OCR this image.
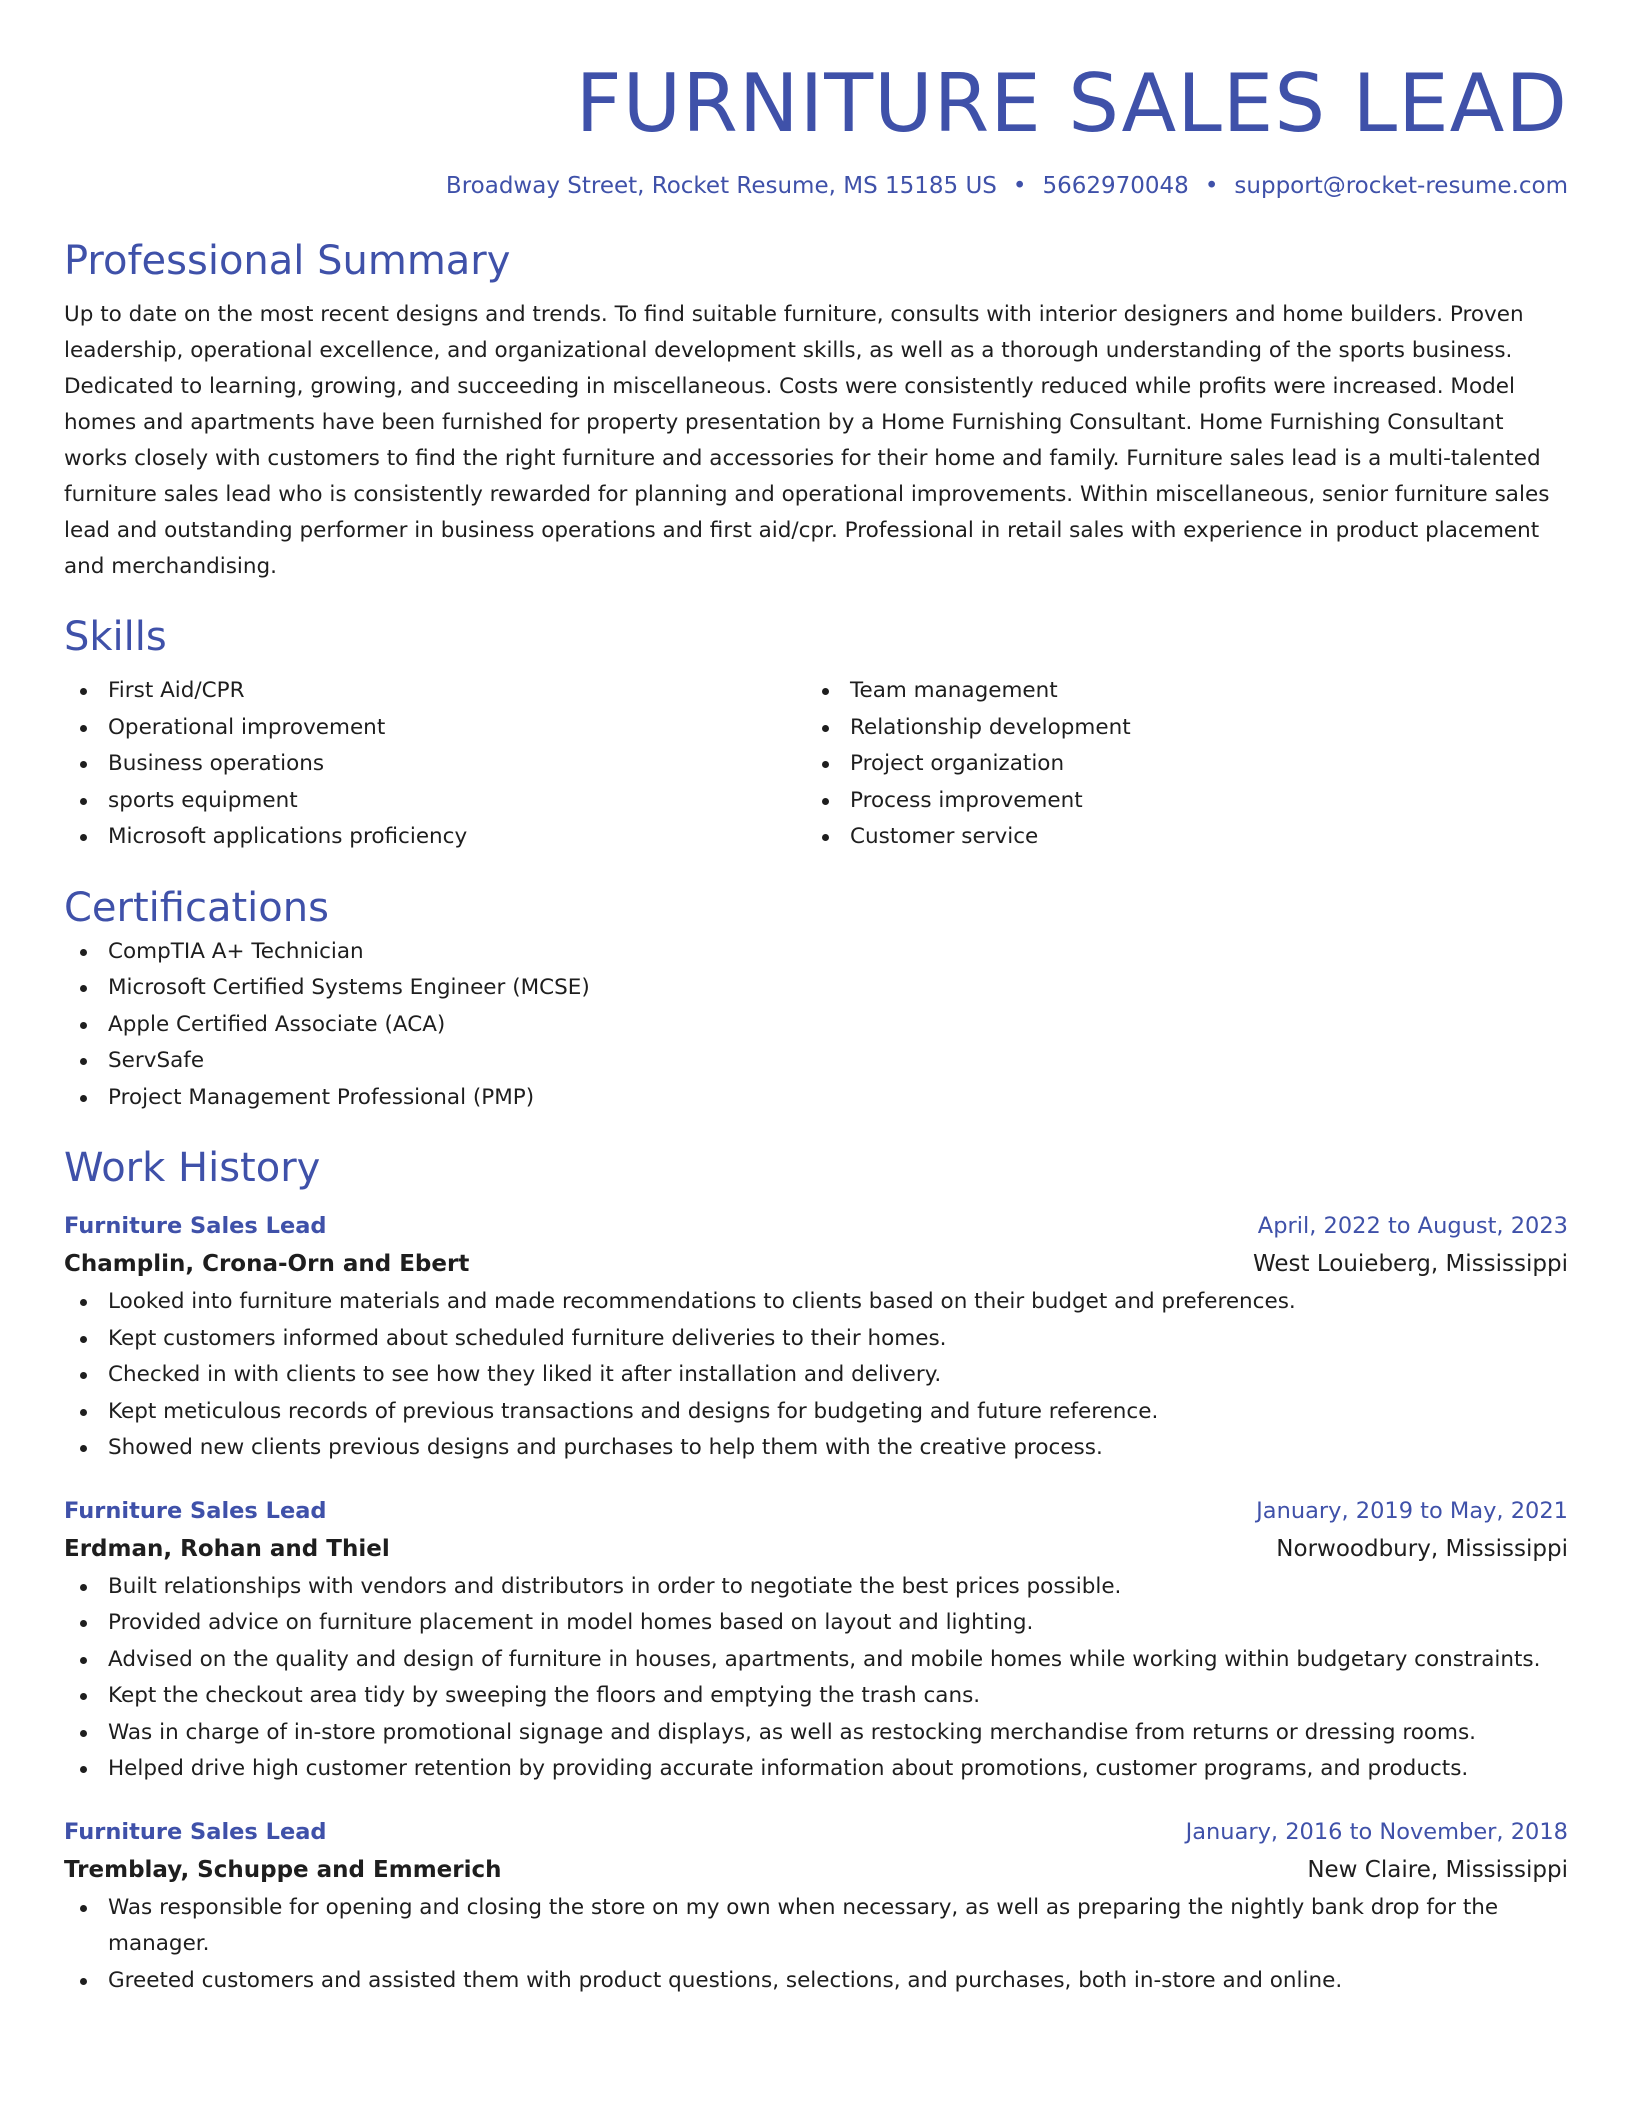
FURNITURE SALES LEAD
Broadway Street, Rocket Resume, MS 15185 US • 5662970048 • support@rocket-resume.com
Professional Summary
Up to date on the most recent designs and trends. To find suitable furniture, consults with interior designers and home builders. Proven leadership, operational excellence, and organizational development skills, as well as a thorough understanding of the sports business. Dedicated to learning, growing, and succeeding in miscellaneous. Costs were consistently reduced while profits were increased. Model homes and apartments have been furnished for property presentation by a Home Furnishing Consultant. Home Furnishing Consultant works closely with customers to find the right furniture and accessories for their home and family. Furniture sales lead is a multi-talented furniture sales lead who is consistently rewarded for planning and operational improvements. Within miscellaneous, senior furniture sales lead and outstanding performer in business operations and first aid/cpr. Professional in retail sales with experience in product placement and merchandising.
Skills
First Aid/CPR
Operational improvement
Business operations
sports equipment
Microsoft applications proficiency
Team management
Relationship development
Project organization
Process improvement
Customer service
Certifications
CompTIA A+ Technician
Microsoft Certified Systems Engineer (MCSE)
Apple Certified Associate (ACA)
ServSafe
Project Management Professional (PMP)
Work History
Furniture Sales Lead	April, 2022 to August, 2023
Champlin, Crona-Orn and Ebert	West Louieberg, Mississippi
Looked into furniture materials and made recommendations to clients based on their budget and preferences.
Kept customers informed about scheduled furniture deliveries to their homes.
Checked in with clients to see how they liked it after installation and delivery.
Kept meticulous records of previous transactions and designs for budgeting and future reference.
Showed new clients previous designs and purchases to help them with the creative process.
Furniture Sales Lead	January, 2019 to May, 2021
Erdman, Rohan and Thiel	Norwoodbury, Mississippi
Built relationships with vendors and distributors in order to negotiate the best prices possible.
Provided advice on furniture placement in model homes based on layout and lighting.
Advised on the quality and design of furniture in houses, apartments, and mobile homes while working within budgetary constraints.
Kept the checkout area tidy by sweeping the floors and emptying the trash cans.
Was in charge of in-store promotional signage and displays, as well as restocking merchandise from returns or dressing rooms.
Helped drive high customer retention by providing accurate information about promotions, customer programs, and products.
Furniture Sales Lead	January, 2016 to November, 2018
Tremblay, Schuppe and Emmerich	New Claire, Mississippi
Was responsible for opening and closing the store on my own when necessary, as well as preparing the nightly bank drop for the manager.
Greeted customers and assisted them with product questions, selections, and purchases, both in-store and online.
